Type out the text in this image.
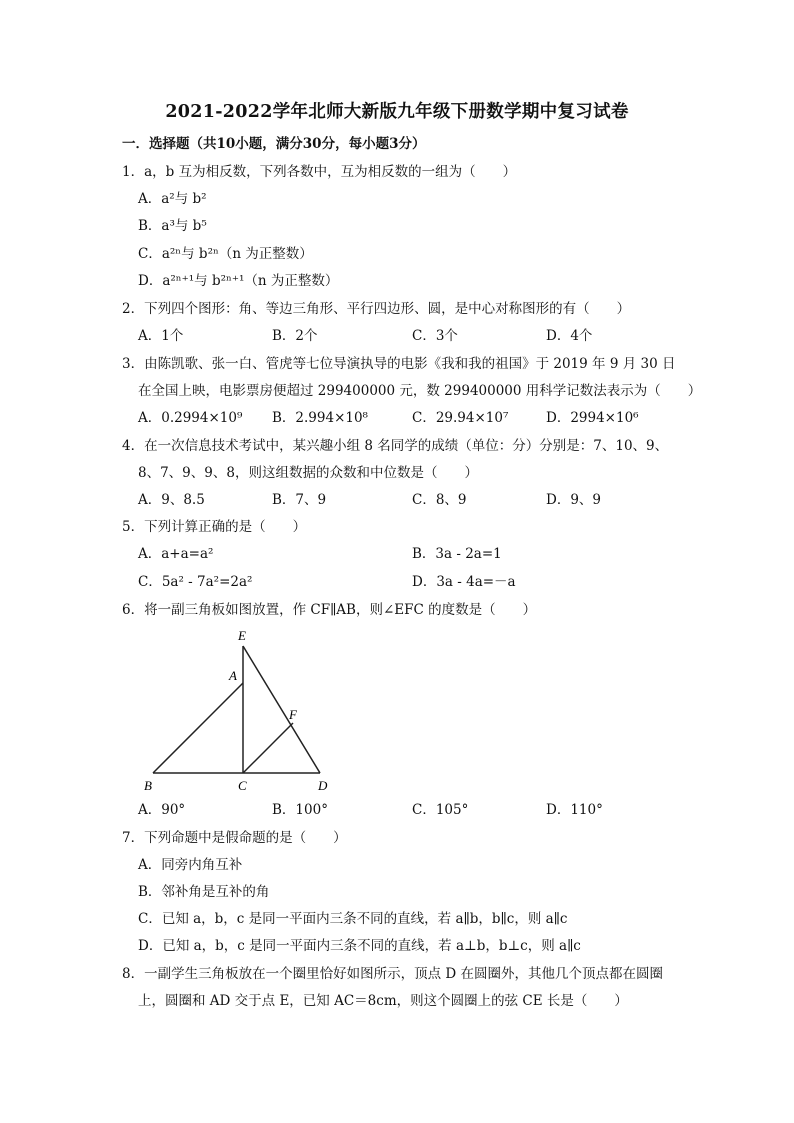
2021-2022学年北师大新版九年级下册数学期中复习试卷
一．选择题（共10小题，满分30分，每小题3分）
1．a，b 互为相反数，下列各数中，互为相反数的一组为（　　）
A．a²与 b²
B．a³与 b⁵
C．a²ⁿ与 b²ⁿ（n 为正整数）
D．a²ⁿ⁺¹与 b²ⁿ⁺¹（n 为正整数）
2．下列四个图形：角、等边三角形、平行四边形、圆，是中心对称图形的有（　　）
A．1个	B．2个	C．3个	D．4个
3．由陈凯歌、张一白、管虎等七位导演执导的电影《我和我的祖国》于 2019 年 9 月 30 日
在全国上映，电影票房便超过 299400000 元，数 299400000 用科学记数法表示为（　　）
A．0.2994×10⁹ B．2.994×10⁸	C．29.94×10⁷	D．2994×10⁶
4．在一次信息技术考试中，某兴趣小组 8 名同学的成绩（单位：分）分别是：7、10、9、
8、7、9、9、8，则这组数据的众数和中位数是（　　）
A．9、8.5	B．7、9	C．8、9	D．9、9
5．下列计算正确的是（　　）
A．a+a=a²	B．3a - 2a=1
C．5a² - 7a²=2a²	D．3a - 4a=－a
6．将一副三角板如图放置，作 CF∥AB，则∠EFC 的度数是（　　）
E
A
F
B	C	D
A．90°	B．100°	C．105°	D．110°
7．下列命题中是假命题的是（　　）
A．同旁内角互补
B．邻补角是互补的角
C．已知 a，b，c 是同一平面内三条不同的直线，若 a∥b，b∥c，则 a∥c
D．已知 a，b，c 是同一平面内三条不同的直线，若 a⊥b，b⊥c，则 a∥c
8．一副学生三角板放在一个圈里恰好如图所示，顶点 D 在圆圈外，其他几个顶点都在圆圈
上，圆圈和 AD 交于点 E，已知 AC＝8cm，则这个圆圈上的弦 CE 长是（　　）
